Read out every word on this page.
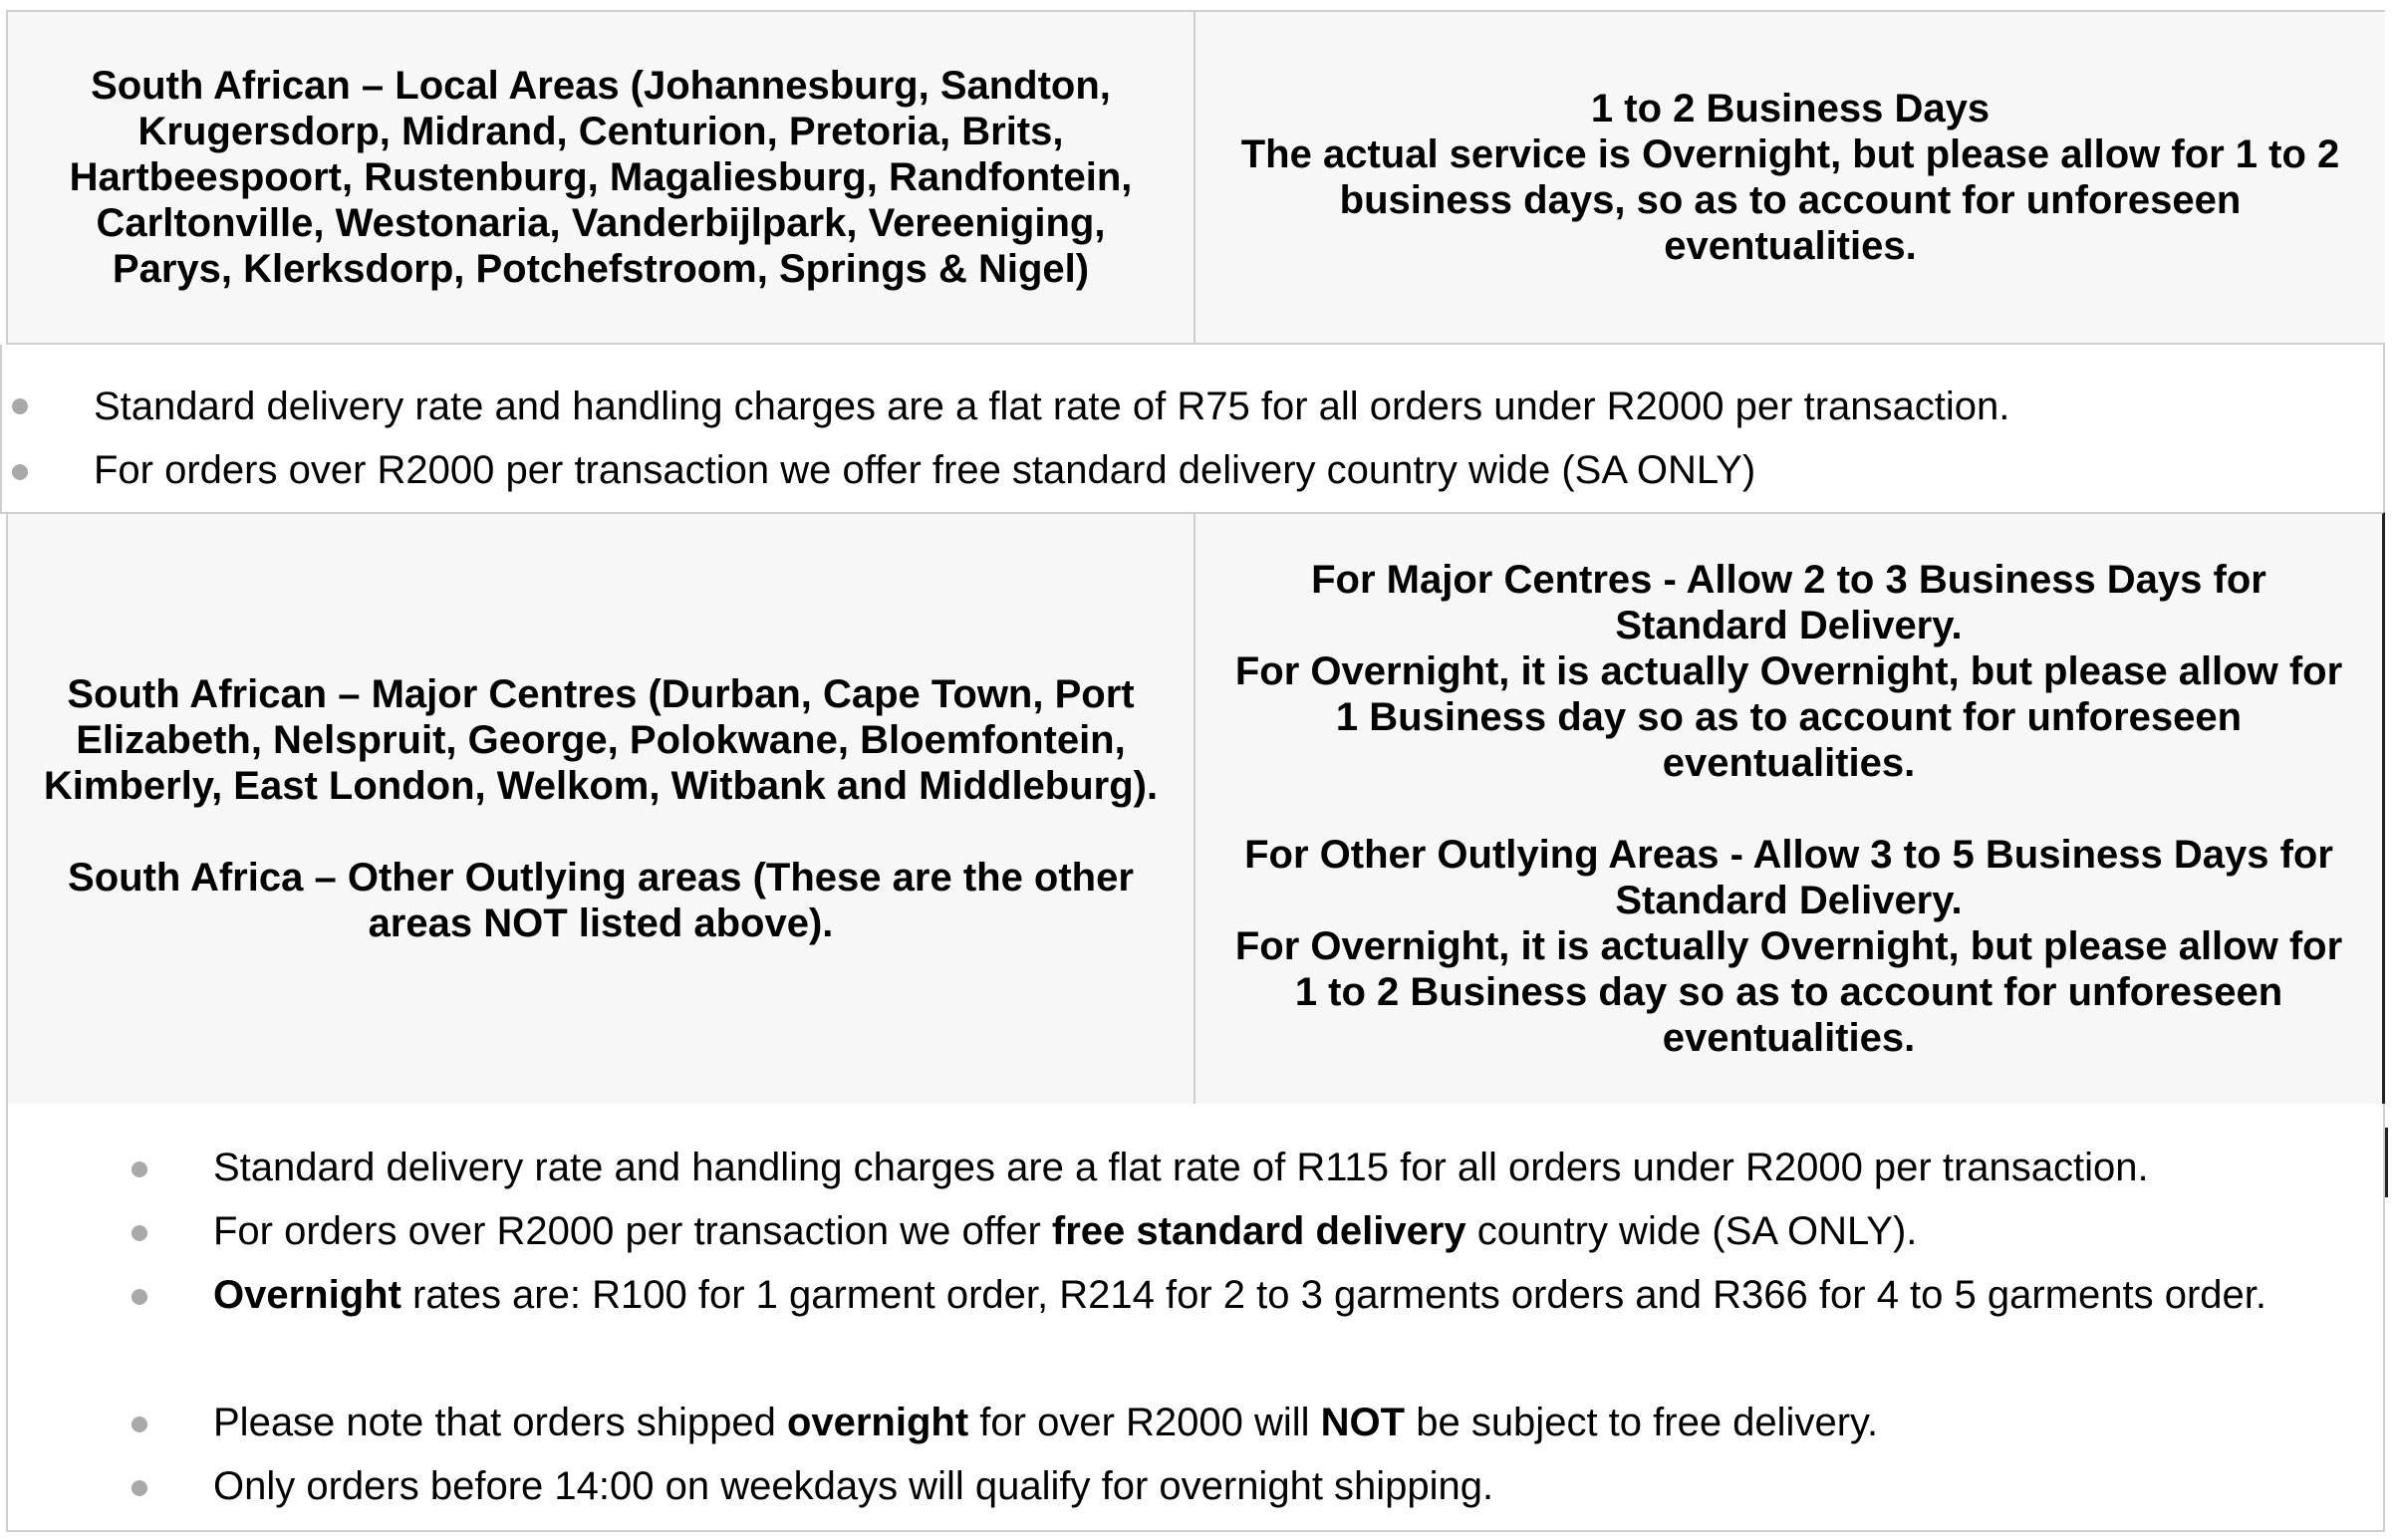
South African – Local Areas (Johannesburg, Sandton,
Krugersdorp, Midrand, Centurion, Pretoria, Brits,
Hartbeespoort, Rustenburg, Magaliesburg, Randfontein,
Carltonville, Westonaria, Vanderbijlpark, Vereeniging,
Parys, Klerksdorp, Potchefstroom, Springs & Nigel)

1 to 2 Business Days

The actual service is Overnight, but please allow for 1 to 2
business days, so as to account for unforeseen
eventualities.

Standard delivery rate and handling charges are a flat rate of R75 for all orders under R2000 per transaction.
For orders over R2000 per transaction we offer free standard delivery country wide (SA ONLY)

South African – Major Centres (Durban, Cape Town, Port
Elizabeth, Nelspruit, George, Polokwane, Bloemfontein,
Kimberly, East London, Welkom, Witbank and Middleburg).

South Africa – Other Outlying areas (These are the other
areas NOT listed above).

For Major Centres - Allow 2 to 3 Business Days for
Standard Delivery.
For Overnight, it is actually Overnight, but please allow for
1 Business day so as to account for unforeseen
eventualities.

For Other Outlying Areas - Allow 3 to 5 Business Days for
Standard Delivery.
For Overnight, it is actually Overnight, but please allow for
1 to 2 Business day so as to account for unforeseen
eventualities.

Standard delivery rate and handling charges are a flat rate of R115 for all orders under R2000 per transaction.
For orders over R2000 per transaction we offer free standard delivery country wide (SA ONLY).
Overnight rates are: R100 for 1 garment order, R214 for 2 to 3 garments orders and R366 for 4 to 5 garments order.
Please note that orders shipped overnight for over R2000 will NOT be subject to free delivery.
Only orders before 14:00 on weekdays will qualify for overnight shipping.
